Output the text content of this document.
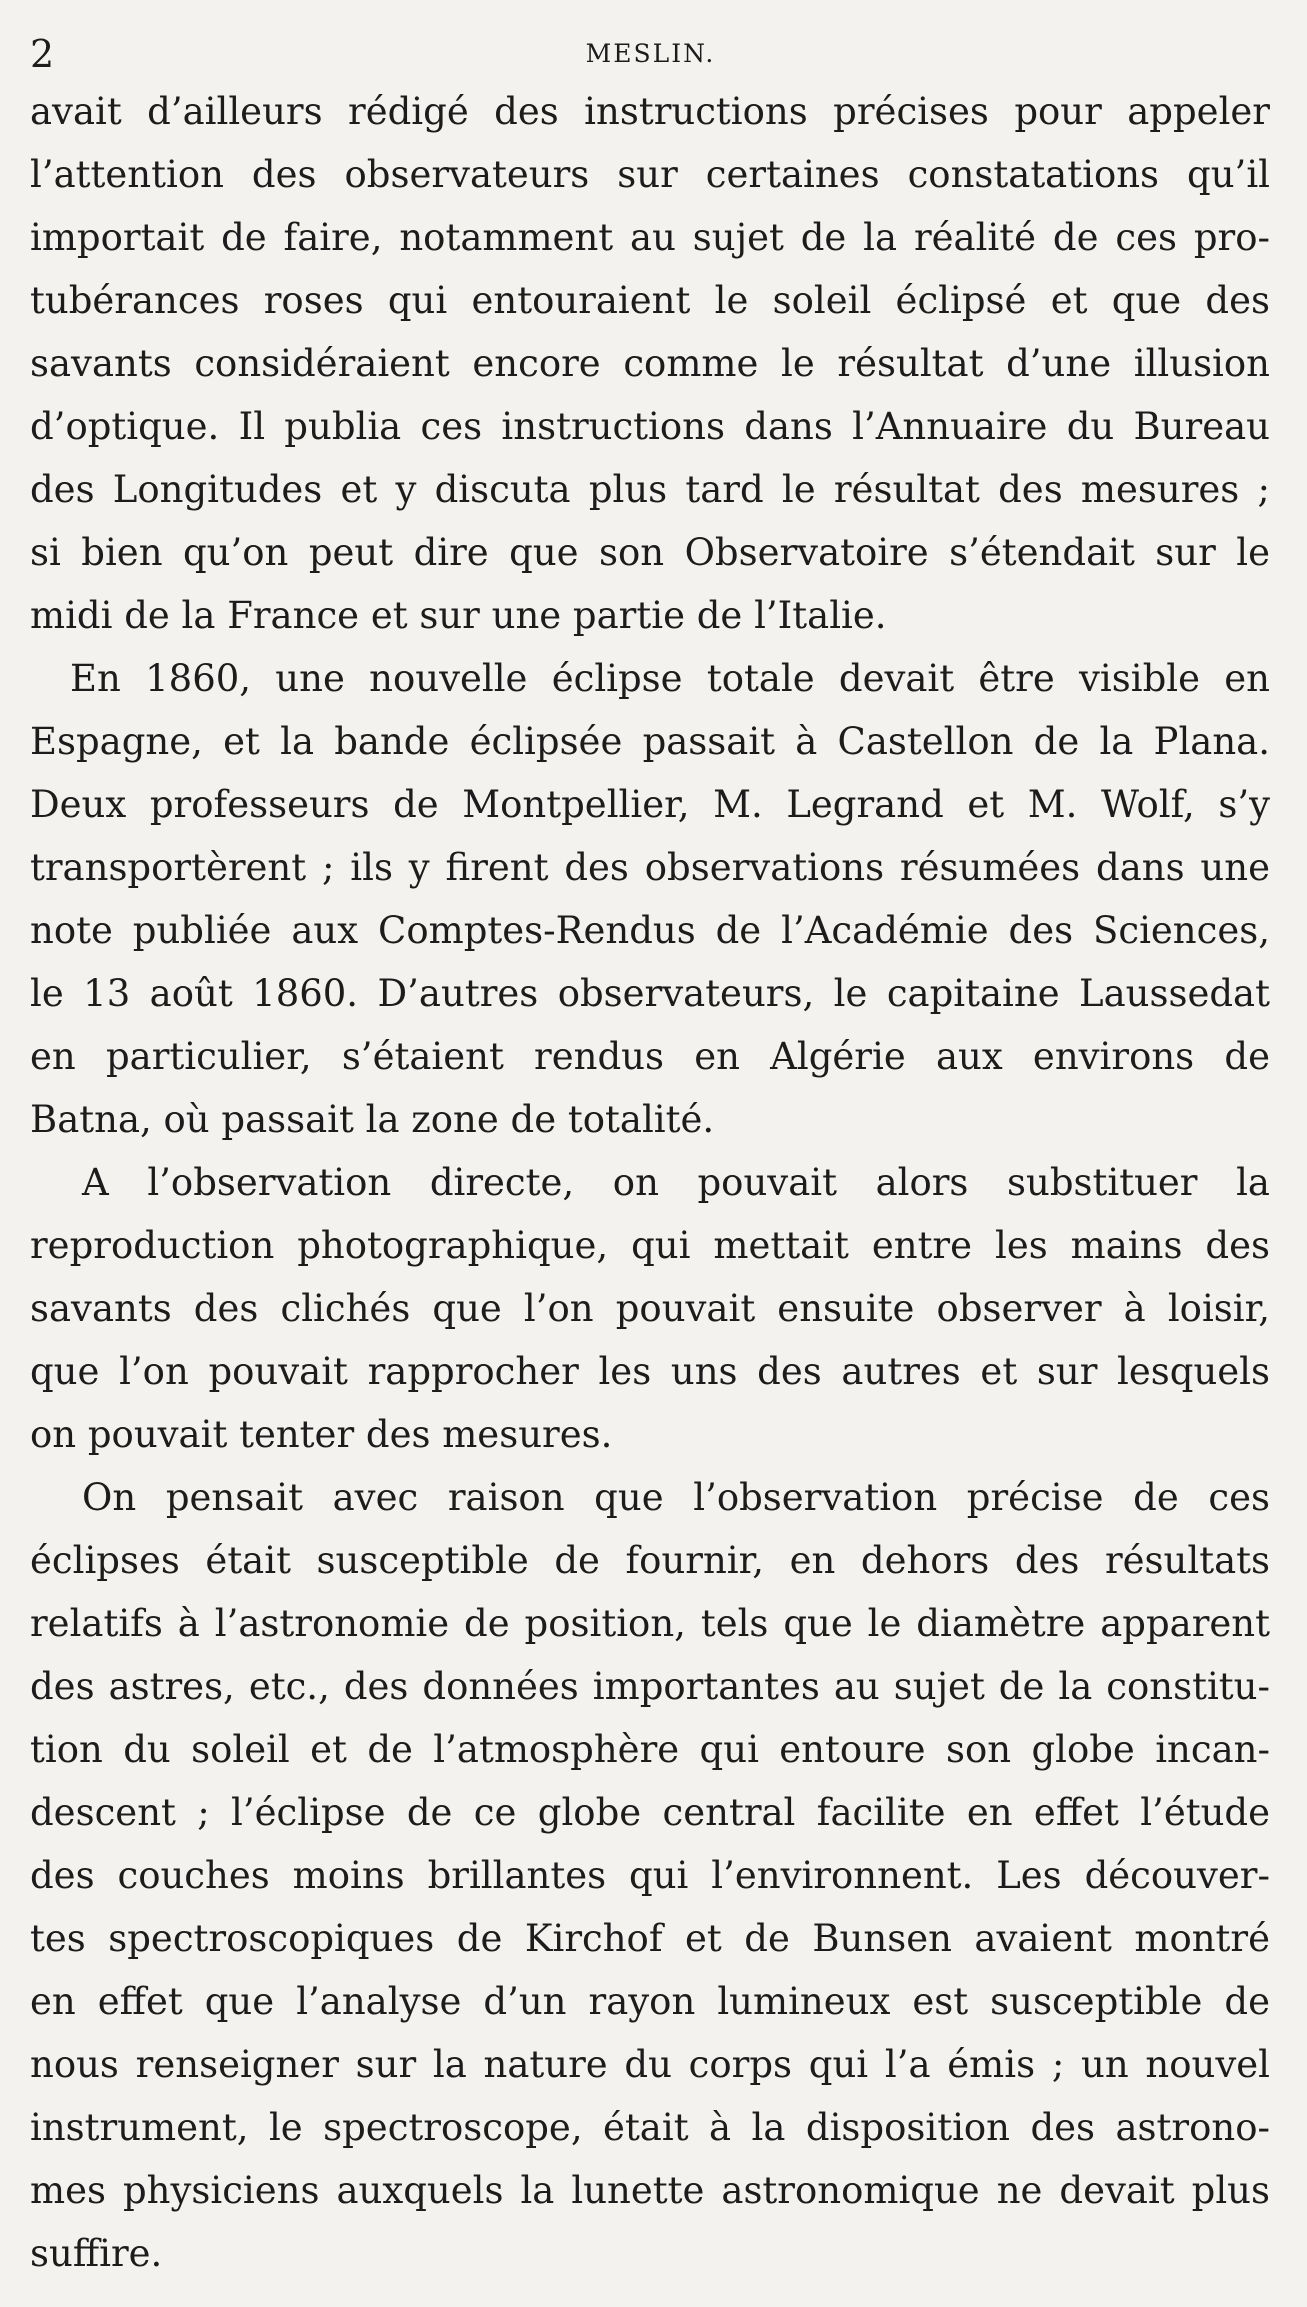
2	MESLIN.

avait d’ailleurs rédigé des instructions précises pour appeler
l’attention des observateurs sur certaines constatations qu’il
importait de faire, notamment au sujet de la réalité de ces pro-
tubérances roses qui entouraient le soleil éclipsé et que des
savants considéraient encore comme le résultat d’une illusion
d’optique. Il publia ces instructions dans l’Annuaire du Bureau
des Longitudes et y discuta plus tard le résultat des mesures ;
si bien qu’on peut dire que son Observatoire s’étendait sur le
midi de la France et sur une partie de l’Italie.

En 1860, une nouvelle éclipse totale devait être visible en
Espagne, et la bande éclipsée passait à Castellon de la Plana.
Deux professeurs de Montpellier, M. Legrand et M. Wolf, s’y
transportèrent ; ils y firent des observations résumées dans une
note publiée aux Comptes-Rendus de l’Académie des Sciences,
le 13 août 1860. D’autres observateurs, le capitaine Laussedat
en particulier, s’étaient rendus en Algérie aux environs de
Batna, où passait la zone de totalité.

A l’observation directe, on pouvait alors substituer la
reproduction photographique, qui mettait entre les mains des
savants des clichés que l’on pouvait ensuite observer à loisir,
que l’on pouvait rapprocher les uns des autres et sur lesquels
on pouvait tenter des mesures.

On pensait avec raison que l’observation précise de ces
éclipses était susceptible de fournir, en dehors des résultats
relatifs à l’astronomie de position, tels que le diamètre apparent
des astres, etc., des données importantes au sujet de la constitu-
tion du soleil et de l’atmosphère qui entoure son globe incan-
descent ; l’éclipse de ce globe central facilite en effet l’étude
des couches moins brillantes qui l’environnent. Les découver-
tes spectroscopiques de Kirchof et de Bunsen avaient montré
en effet que l’analyse d’un rayon lumineux est susceptible de
nous renseigner sur la nature du corps qui l’a émis ; un nouvel
instrument, le spectroscope, était à la disposition des astrono-
mes physiciens auxquels la lunette astronomique ne devait plus
suffire.
